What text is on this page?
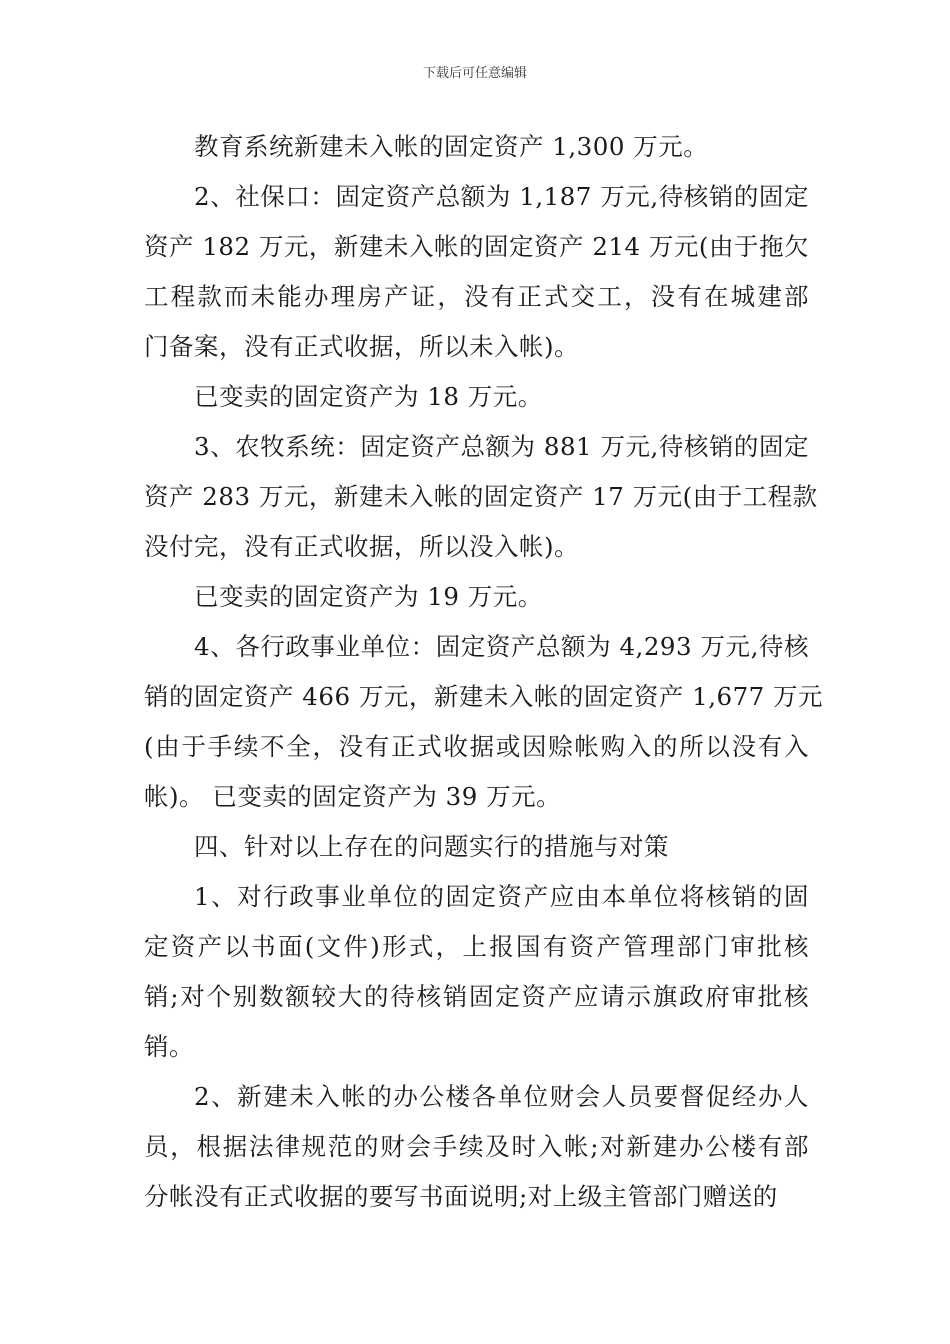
下载后可任意编辑
教育系统新建未入帐的固定资产 1,300 万元。
2、社保口：固定资产总额为 1,187 万元,待核销的固定
资产 182 万元，新建未入帐的固定资产 214 万元(由于拖欠
工程款而未能办理房产证，没有正式交工，没有在城建部
门备案，没有正式收据，所以未入帐)。
已变卖的固定资产为 18 万元。
3、农牧系统：固定资产总额为 881 万元,待核销的固定
资产 283 万元，新建未入帐的固定资产 17 万元(由于工程款
没付完，没有正式收据，所以没入帐)。
已变卖的固定资产为 19 万元。
4、各行政事业单位：固定资产总额为 4,293 万元,待核
销的固定资产 466 万元，新建未入帐的固定资产 1,677 万元
(由于手续不全，没有正式收据或因赊帐购入的所以没有入
帐)。 已变卖的固定资产为 39 万元。
四、针对以上存在的问题实行的措施与对策
1、对行政事业单位的固定资产应由本单位将核销的固
定资产以书面(文件)形式，上报国有资产管理部门审批核
销;对个别数额较大的待核销固定资产应请示旗政府审批核
销。
2、新建未入帐的办公楼各单位财会人员要督促经办人
员，根据法律规范的财会手续及时入帐;对新建办公楼有部
分帐没有正式收据的要写书面说明;对上级主管部门赠送的
